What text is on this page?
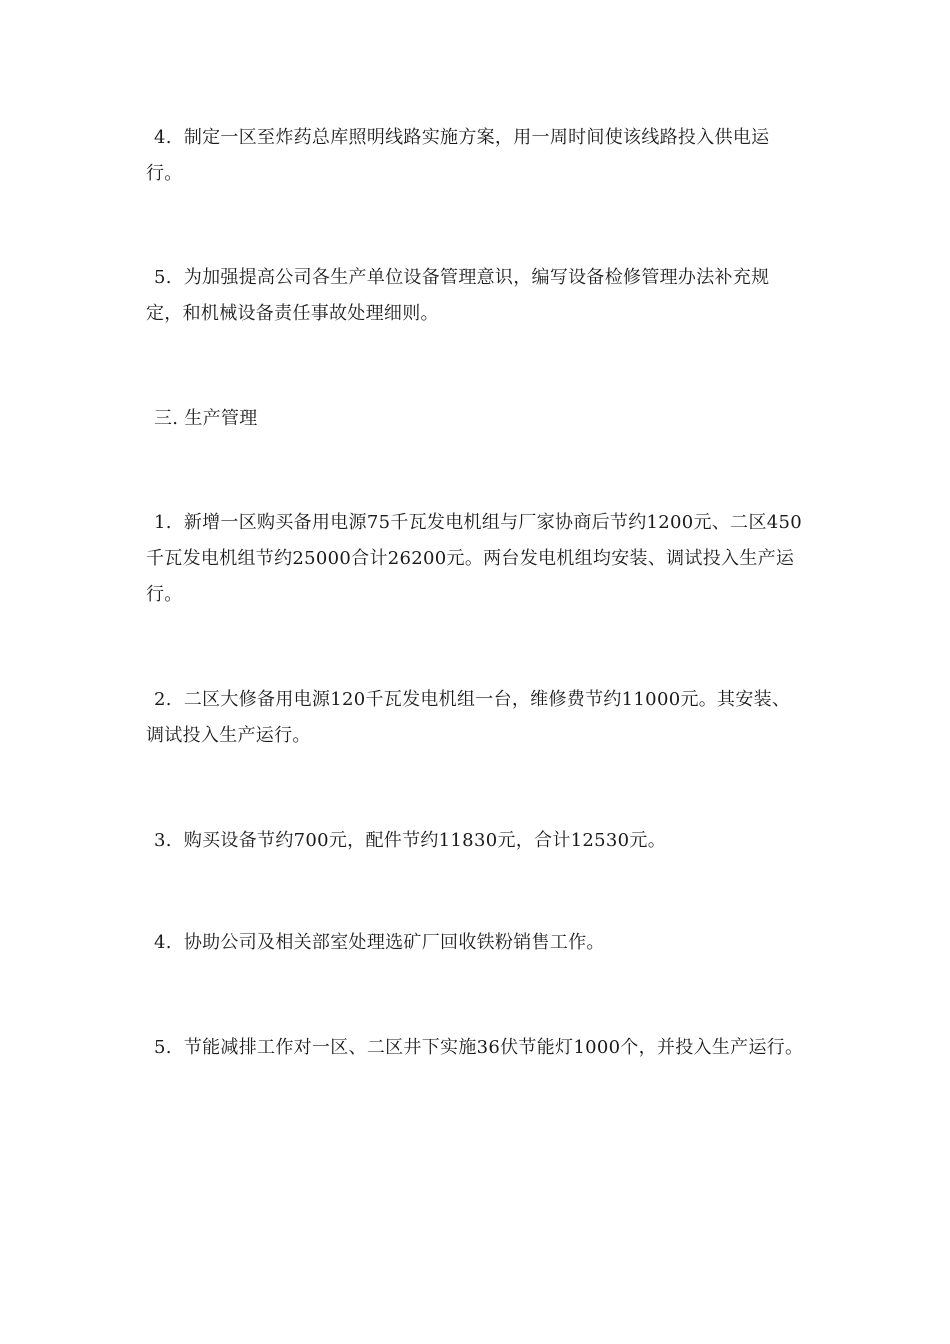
4. 制定一区至炸药总库照明线路实施方案，用一周时间使该线路投入供电运行。

5. 为加强提高公司各生产单位设备管理意识，编写设备检修管理办法补充规定，和机械设备责任事故处理细则。

三. 生产管理

1. 新增一区购买备用电源75千瓦发电机组与厂家协商后节约1200元、二区450千瓦发电机组节约25000合计26200元。两台发电机组均安装、调试投入生产运行。

2. 二区大修备用电源120千瓦发电机组一台，维修费节约11000元。其安装、调试投入生产运行。

3. 购买设备节约700元，配件节约11830元，合计12530元。

4. 协助公司及相关部室处理选矿厂回收铁粉销售工作。

5. 节能减排工作对一区、二区井下实施36伏节能灯1000个，并投入生产运行。
